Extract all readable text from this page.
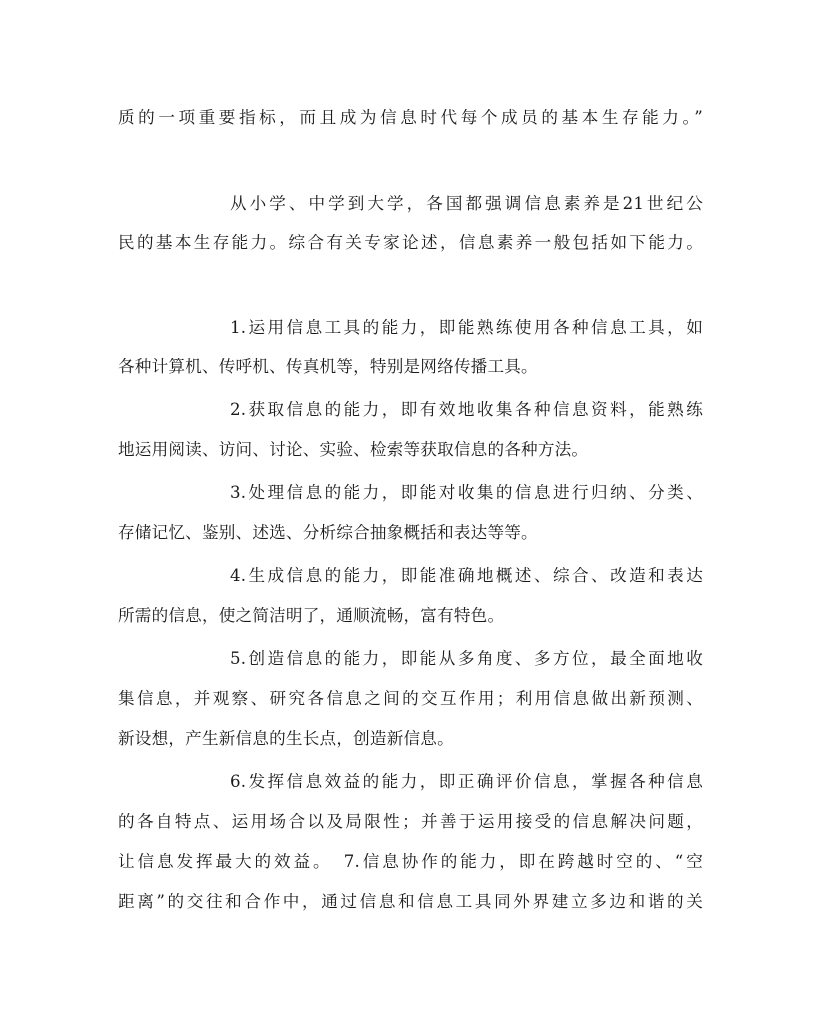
质的一项重要指标，而且成为信息时代每个成员的基本生存能力。”
从小学、中学到大学，各国都强调信息素养是21世纪公
民的基本生存能力。综合有关专家论述，信息素养一般包括如下能力。
1.运用信息工具的能力，即能熟练使用各种信息工具，如
各种计算机、传呼机、传真机等，特别是网络传播工具。
2.获取信息的能力，即有效地收集各种信息资料，能熟练
地运用阅读、访问、讨论、实验、检索等获取信息的各种方法。
3.处理信息的能力，即能对收集的信息进行归纳、分类、
存储记忆、鉴别、述选、分析综合抽象概括和表达等等。
4.生成信息的能力，即能准确地概述、综合、改造和表达
所需的信息，使之简洁明了，通顺流畅，富有特色。
5.创造信息的能力，即能从多角度、多方位，最全面地收
集信息，并观察、研究各信息之间的交互作用；利用信息做出新预测、
新设想，产生新信息的生长点，创造新信息。
6.发挥信息效益的能力，即正确评价信息，掌握各种信息
的各自特点、运用场合以及局限性；并善于运用接受的信息解决问题，
让信息发挥最大的效益。　7.信息协作的能力，即在跨越时空的、“空
距离”的交往和合作中，通过信息和信息工具同外界建立多边和谐的关
